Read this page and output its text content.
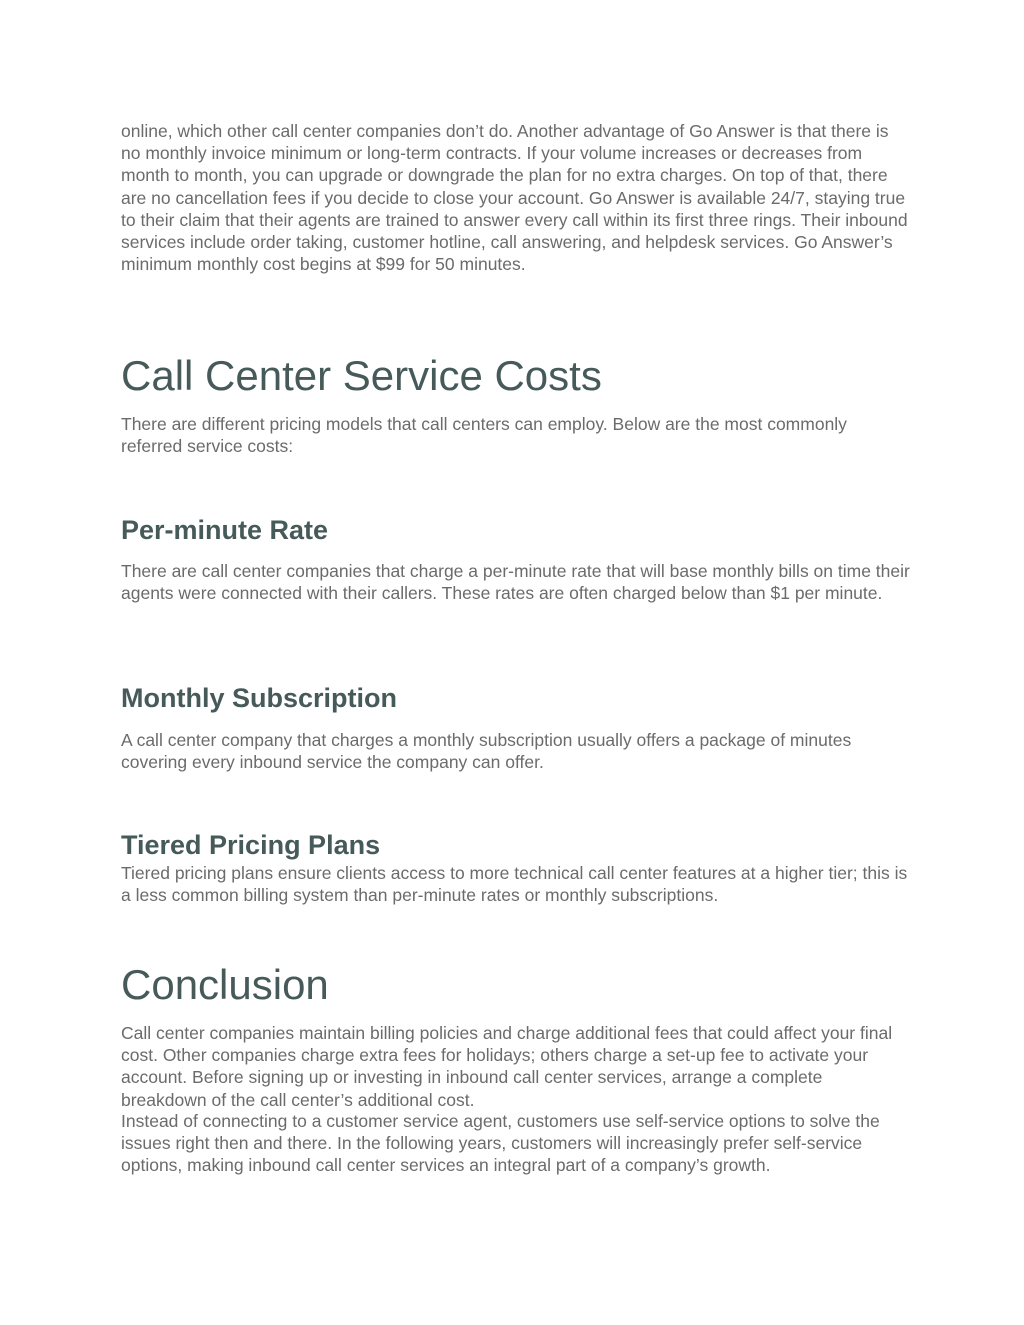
online, which other call center companies don’t do. Another advantage of Go Answer is that there is no monthly invoice minimum or long-term contracts. If your volume increases or decreases from month to month, you can upgrade or downgrade the plan for no extra charges. On top of that, there are no cancellation fees if you decide to close your account. Go Answer is available 24/7, staying true to their claim that their agents are trained to answer every call within its first three rings. Their inbound services include order taking, customer hotline, call answering, and helpdesk services. Go Answer’s minimum monthly cost begins at $99 for 50 minutes.

Call Center Service Costs

There are different pricing models that call centers can employ. Below are the most commonly referred service costs:

Per-minute Rate

There are call center companies that charge a per-minute rate that will base monthly bills on time their agents were connected with their callers. These rates are often charged below than $1 per minute.

Monthly Subscription

A call center company that charges a monthly subscription usually offers a package of minutes covering every inbound service the company can offer.

Tiered Pricing Plans

Tiered pricing plans ensure clients access to more technical call center features at a higher tier; this is a less common billing system than per-minute rates or monthly subscriptions.

Conclusion

Call center companies maintain billing policies and charge additional fees that could affect your final cost. Other companies charge extra fees for holidays; others charge a set-up fee to activate your account. Before signing up or investing in inbound call center services, arrange a complete breakdown of the call center’s additional cost.

Instead of connecting to a customer service agent, customers use self-service options to solve the issues right then and there. In the following years, customers will increasingly prefer self-service options, making inbound call center services an integral part of a company’s growth.
